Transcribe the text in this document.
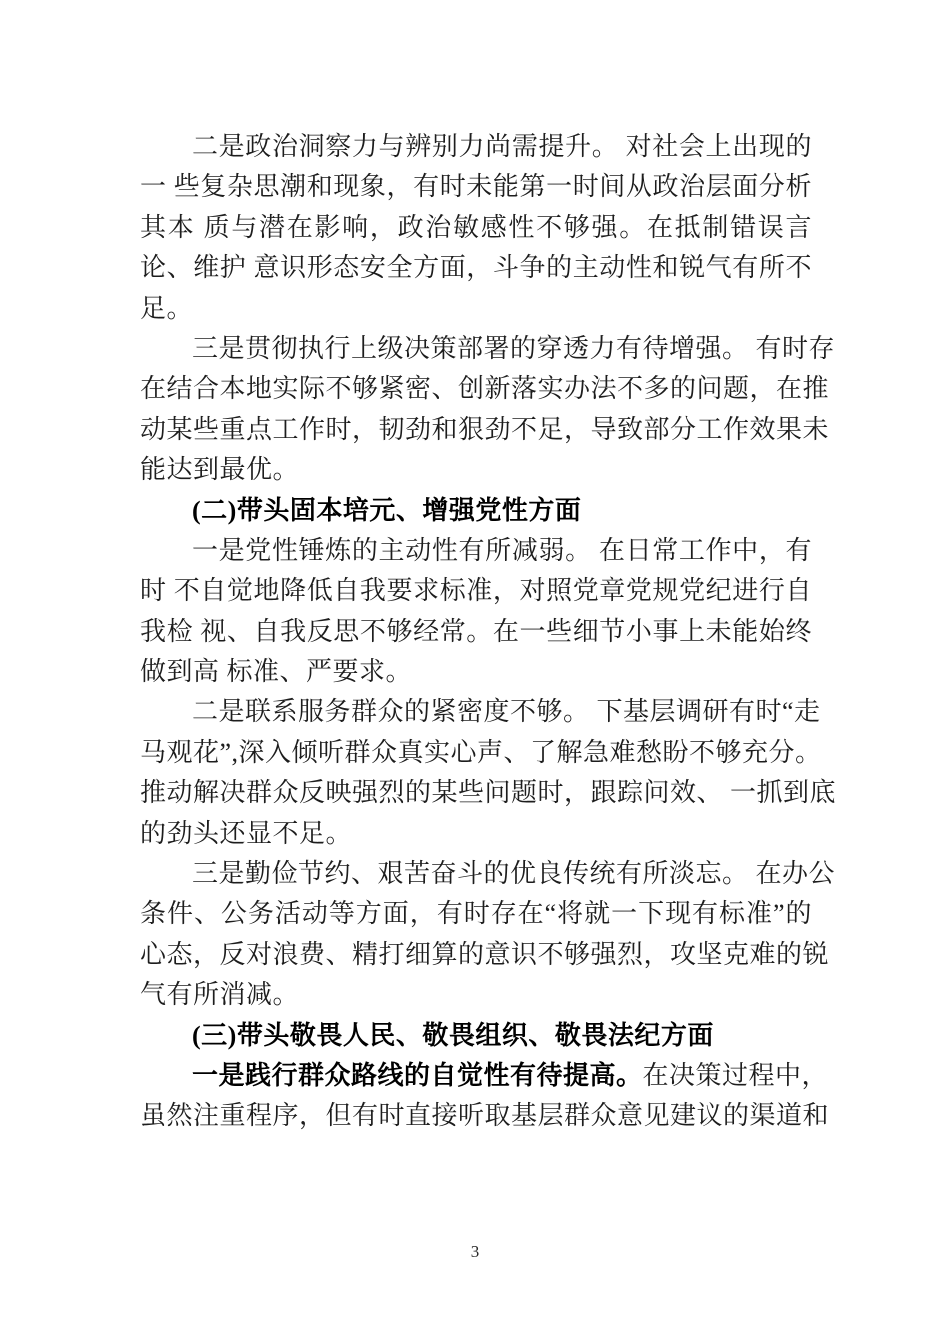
二是政治洞察力与辨别力尚需提升。 对社会上出现的
一 些复杂思潮和现象，有时未能第一时间从政治层面分析
其本 质与潜在影响，政治敏感性不够强。在抵制错误言
论、维护 意识形态安全方面，斗争的主动性和锐气有所不
足。
三是贯彻执行上级决策部署的穿透力有待增强。 有时存
在结合本地实际不够紧密、创新落实办法不多的问题，在推
动某些重点工作时，韧劲和狠劲不足，导致部分工作效果未
能达到最优。
(二)带头固本培元、增强党性方面
一是党性锤炼的主动性有所减弱。 在日常工作中，有
时 不自觉地降低自我要求标准，对照党章党规党纪进行自
我检 视、自我反思不够经常。在一些细节小事上未能始终
做到高 标准、严要求。
二是联系服务群众的紧密度不够。 下基层调研有时“走
马观花”,深入倾听群众真实心声、了解急难愁盼不够充分。
推动解决群众反映强烈的某些问题时，跟踪问效、 一抓到底
的劲头还显不足。
三是勤俭节约、艰苦奋斗的优良传统有所淡忘。 在办公
条件、公务活动等方面，有时存在“将就一下现有标准”的
心态，反对浪费、精打细算的意识不够强烈，攻坚克难的锐
气有所消减。
(三)带头敬畏人民、敬畏组织、敬畏法纪方面
一是践行群众路线的自觉性有待提高。在决策过程中，
虽然注重程序，但有时直接听取基层群众意见建议的渠道和
3
